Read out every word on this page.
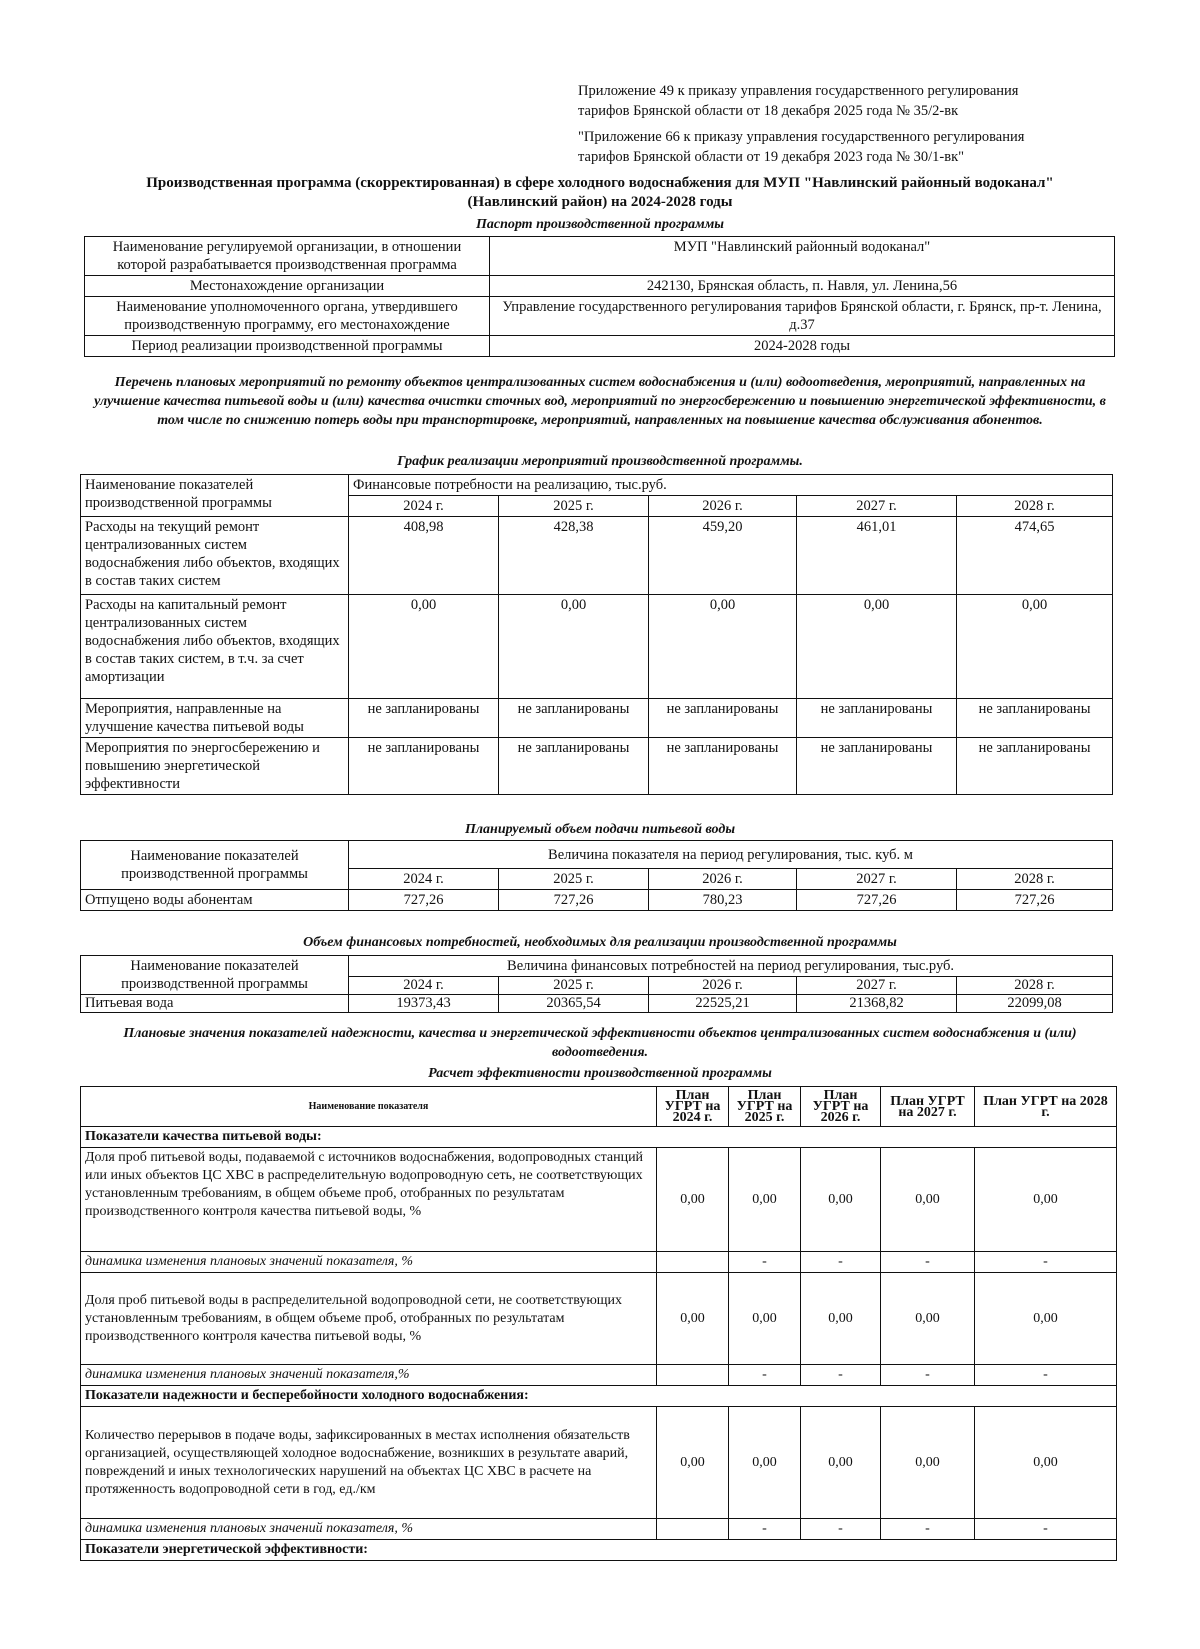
Приложение 49 к приказу управления государственного регулирования
тарифов Брянской области от 18 декабря 2025 года № 35/2-вк
"Приложение 66 к приказу управления государственного регулирования
тарифов Брянской области от 19 декабря 2023 года № 30/1-вк"
Производственная программа (скорректированная) в сфере холодного водоснабжения для МУП "Навлинский районный водоканал"
(Навлинский район) на 2024-2028 годы
Паспорт производственной программы
Наименование регулируемой организации, в отношении которой разрабатывается производственная программа	МУП "Навлинский районный водоканал"
Местонахождение организации	242130, Брянская область, п. Навля, ул. Ленина,56
Наименование уполномоченного органа, утвердившего производственную программу, его местонахождение	Управление государственного регулирования тарифов Брянской области, г. Брянск, пр-т. Ленина, д.37
Период реализации производственной программы	2024-2028 годы
Перечень плановых мероприятий по ремонту объектов централизованных систем водоснабжения и (или) водоотведения, мероприятий, направленных на улучшение качества питьевой воды и (или) качества очистки сточных вод, мероприятий по энергосбережению и повышению энергетической эффективности, в том числе по снижению потерь воды при транспортировке, мероприятий, направленных на повышение качества обслуживания абонентов.
График реализации мероприятий производственной программы.
Наименование показателей производственной программы	Финансовые потребности на реализацию, тыс.руб.				
	2024 г.	2025 г.	2026 г.	2027 г.	2028 г.
Расходы на текущий ремонт централизованных систем водоснабжения либо объектов, входящих в состав таких систем	408,98	428,38	459,20	461,01	474,65
Расходы на капитальный ремонт централизованных систем водоснабжения либо объектов, входящих в состав таких систем, в т.ч. за счет амортизации	0,00	0,00	0,00	0,00	0,00
Мероприятия, направленные на улучшение качества питьевой воды	не запланированы	не запланированы	не запланированы	не запланированы	не запланированы
Мероприятия по энергосбережению и повышению энергетической эффективности	не запланированы	не запланированы	не запланированы	не запланированы	не запланированы
Планируемый объем подачи питьевой воды
Наименование показателей производственной программы	Величина показателя на период регулирования, тыс. куб. м				
	2024 г.	2025 г.	2026 г.	2027 г.	2028 г.
Отпущено воды абонентам	727,26	727,26	780,23	727,26	727,26
Объем финансовых потребностей, необходимых для реализации производственной программы
Наименование показателей производственной программы	Величина финансовых потребностей на период регулирования, тыс.руб.				
	2024 г.	2025 г.	2026 г.	2027 г.	2028 г.
Питьевая вода	19373,43	20365,54	22525,21	21368,82	22099,08
Плановые значения показателей надежности, качества и энергетической эффективности объектов централизованных систем водоснабжения и (или) водоотведения.
Расчет эффективности производственной программы
Наименование показателя	План УГРТ на 2024 г.	План УГРТ на 2025 г.	План УГРТ на 2026 г.	План УГРТ на 2027 г.	План УГРТ на 2028 г.
Показатели качества питьевой воды:					
Доля проб питьевой воды, подаваемой с источников водоснабжения, водопроводных станций или иных объектов ЦС ХВС в распределительную водопроводную сеть, не соответствующих установленным требованиям, в общем объеме проб, отобранных по результатам производственного контроля качества питьевой воды, %	0,00	0,00	0,00	0,00	0,00
динамика изменения плановых значений показателя, %		-	-	-	-
Доля проб питьевой воды в распределительной водопроводной сети, не соответствующих установленным требованиям, в общем объеме проб, отобранных по результатам производственного контроля качества питьевой воды, %	0,00	0,00	0,00	0,00	0,00
динамика изменения плановых значений показателя,%		-	-	-	-
Показатели надежности и бесперебойности холодного водоснабжения:					
Количество перерывов в подаче воды, зафиксированных в местах исполнения обязательств организацией, осуществляющей холодное водоснабжение, возникших в результате аварий, повреждений и иных технологических нарушений на объектах ЦС ХВС в расчете на протяженность водопроводной сети в год, ед./км	0,00	0,00	0,00	0,00	0,00
динамика изменения плановых значений показателя, %		-	-	-	-
Показатели энергетической эффективности:					
